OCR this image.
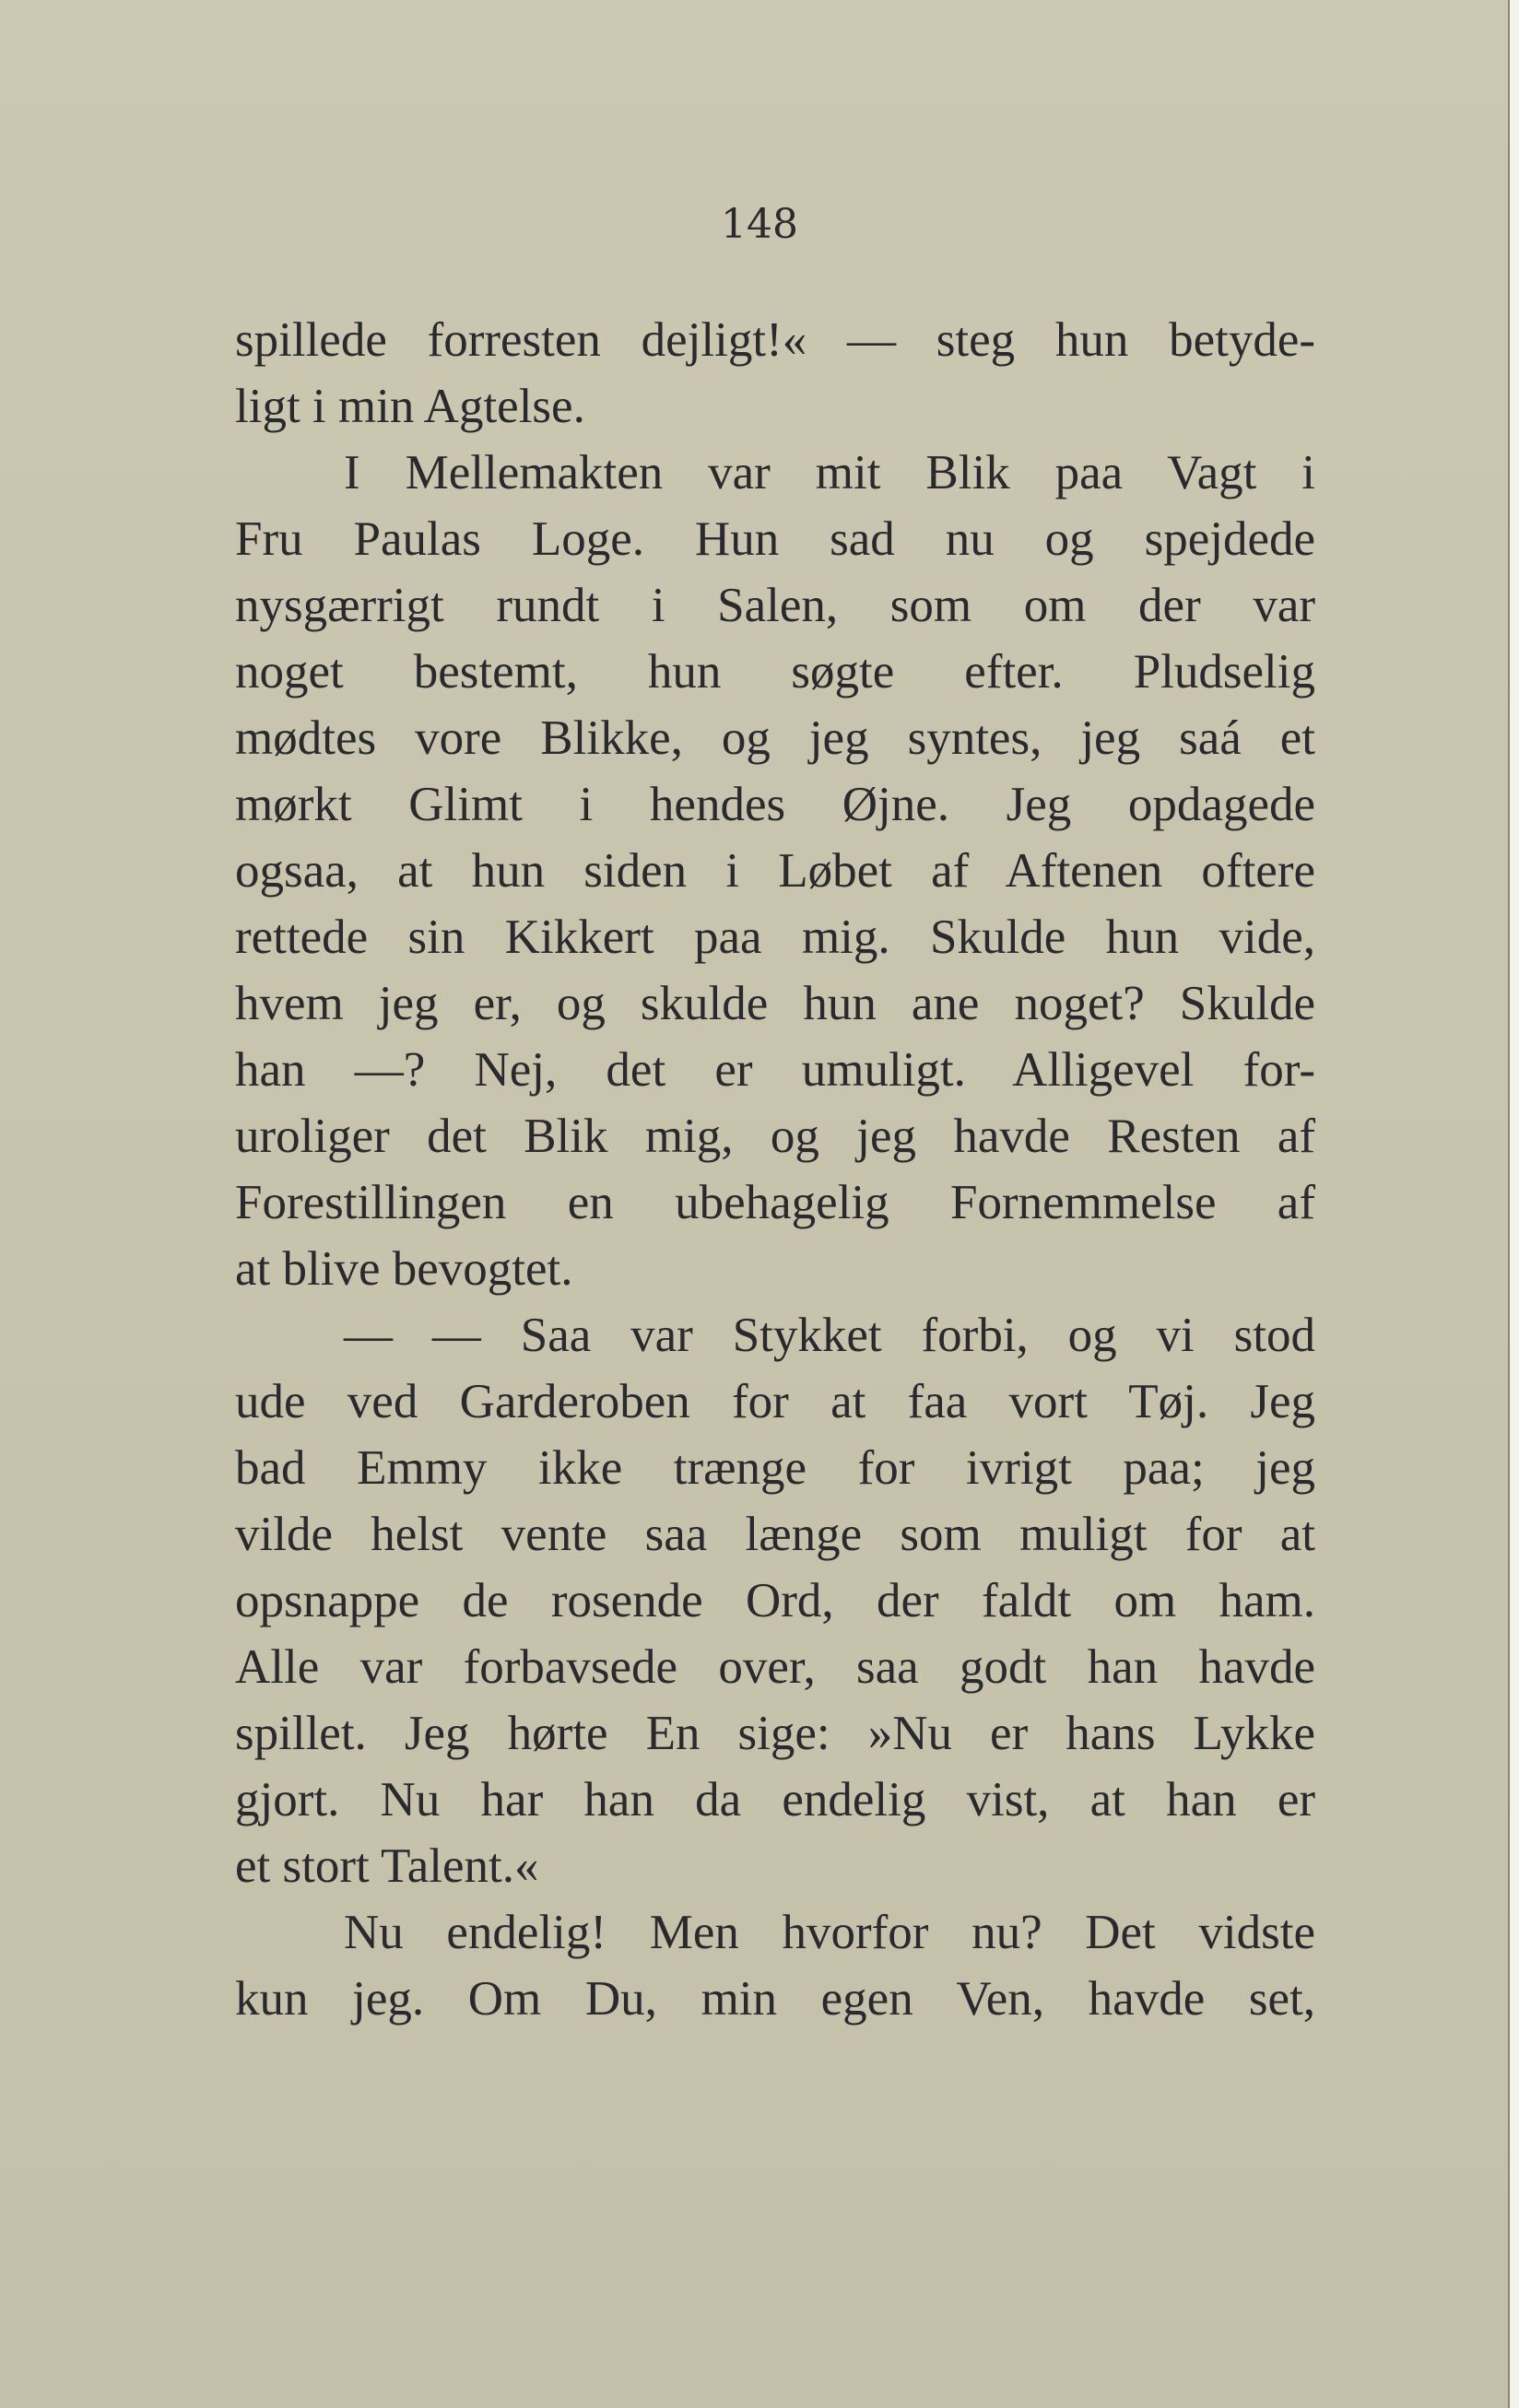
148
spillede forresten dejligt!« — steg hun betyde-
ligt i min Agtelse.
I Mellemakten var mit Blik paa Vagt i
Fru Paulas Loge. Hun sad nu og spejdede
nysgærrigt rundt i Salen, som om der var
noget bestemt, hun søgte efter. Pludselig
mødtes vore Blikke, og jeg syntes, jeg saá et
mørkt Glimt i hendes Øjne. Jeg opdagede
ogsaa, at hun siden i Løbet af Aftenen oftere
rettede sin Kikkert paa mig. Skulde hun vide,
hvem jeg er, og skulde hun ane noget? Skulde
han —? Nej, det er umuligt. Alligevel for-
uroliger det Blik mig, og jeg havde Resten af
Forestillingen en ubehagelig Fornemmelse af
at blive bevogtet.
— — Saa var Stykket forbi, og vi stod
ude ved Garderoben for at faa vort Tøj. Jeg
bad Emmy ikke trænge for ivrigt paa; jeg
vilde helst vente saa længe som muligt for at
opsnappe de rosende Ord, der faldt om ham.
Alle var forbavsede over, saa godt han havde
spillet. Jeg hørte En sige: »Nu er hans Lykke
gjort. Nu har han da endelig vist, at han er
et stort Talent.«
Nu endelig! Men hvorfor nu? Det vidste
kun jeg. Om Du, min egen Ven, havde set,
